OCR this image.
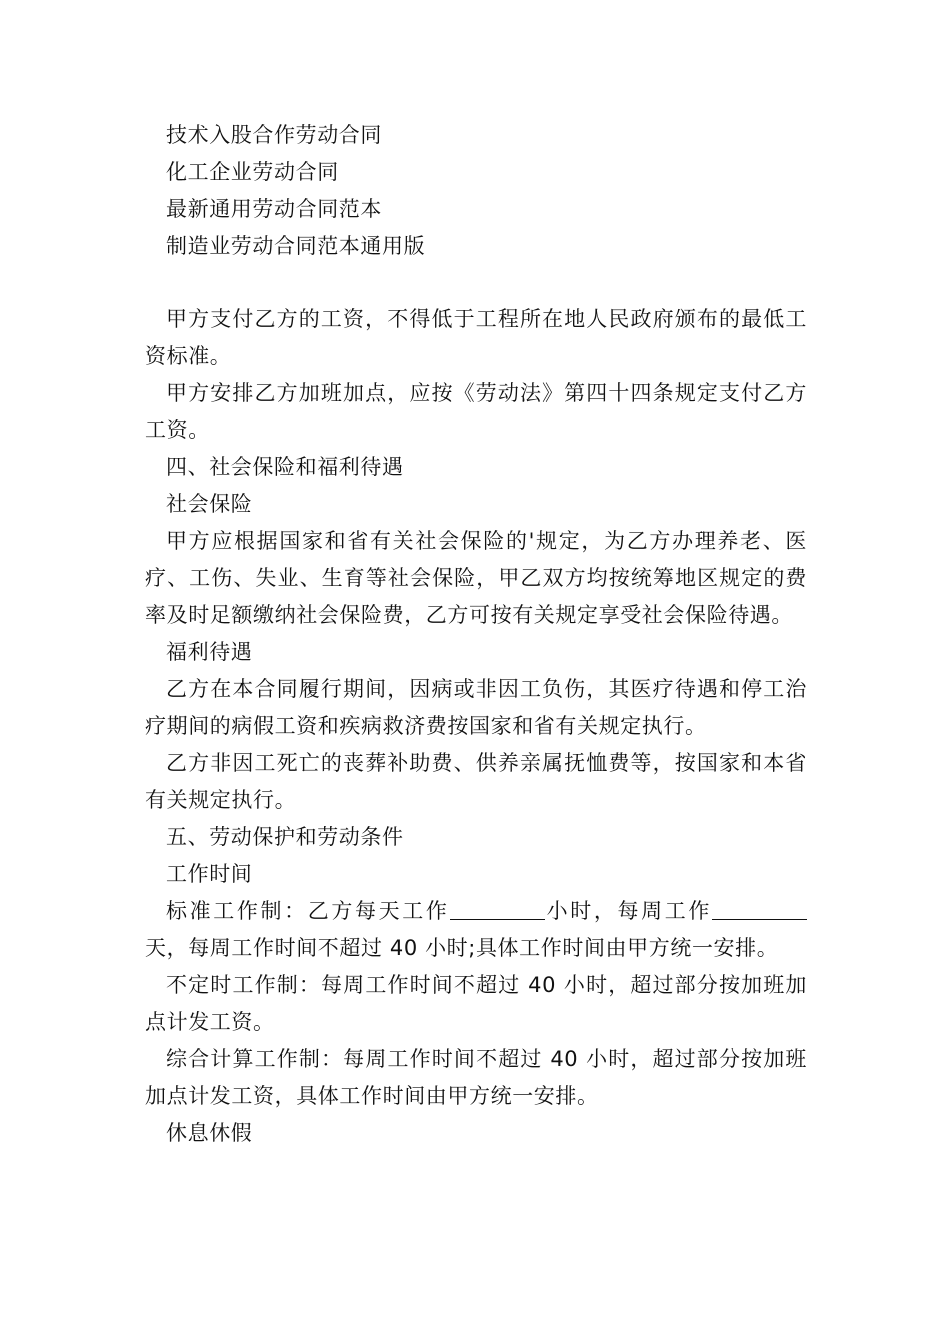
技术入股合作劳动合同

化工企业劳动合同

最新通用劳动合同范本

制造业劳动合同范本通用版

甲方支付乙方的工资，不得低于工程所在地人民政府颁布的最低工资标准。

甲方安排乙方加班加点，应按《劳动法》第四十四条规定支付乙方工资。

四、社会保险和福利待遇

社会保险

甲方应根据国家和省有关社会保险的'规定，为乙方办理养老、医疗、工伤、失业、生育等社会保险，甲乙双方均按统筹地区规定的费率及时足额缴纳社会保险费，乙方可按有关规定享受社会保险待遇。

福利待遇

乙方在本合同履行期间，因病或非因工负伤，其医疗待遇和停工治疗期间的病假工资和疾病救济费按国家和省有关规定执行。

乙方非因工死亡的丧葬补助费、供养亲属抚恤费等，按国家和本省有关规定执行。

五、劳动保护和劳动条件

工作时间

标准工作制：乙方每天工作	小时，每周工作天，每周工作时间不超过 40 小时;具体工作时间由甲方统一安排。

不定时工作制：每周工作时间不超过 40 小时，超过部分按加班加点计发工资。

综合计算工作制：每周工作时间不超过 40 小时，超过部分按加班加点计发工资，具体工作时间由甲方统一安排。

休息休假
